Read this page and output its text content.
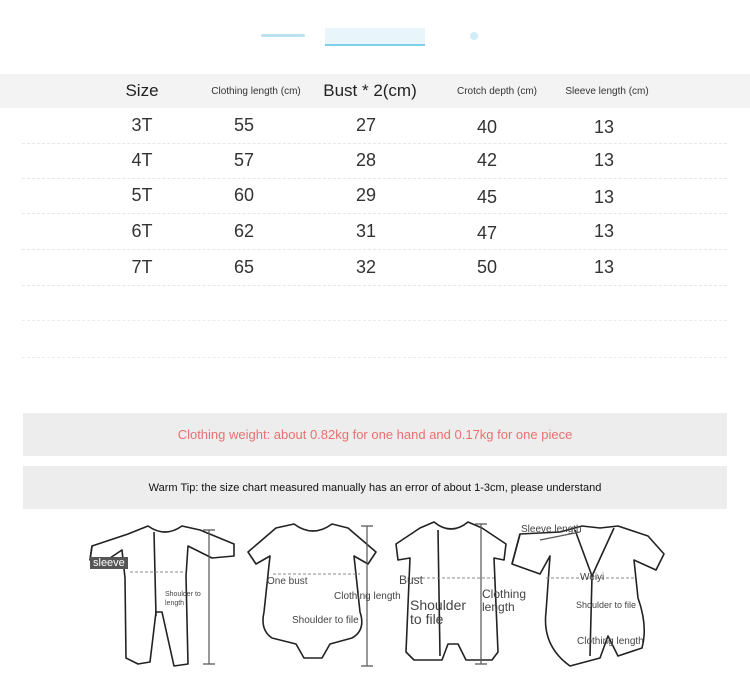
Size	Clothing length (cm)	Bust * 2(cm)	Crotch depth (cm)	Sleeve length (cm)
3T	55	27	40	13
4T	57	28	42	13
5T	60	29	45	13
6T	62	31	47	13
7T	65	32	50	13
Clothing weight: about 0.82kg for one hand and 0.17kg for one piece
Warm Tip: the size chart measured manually has an error of about 1-3cm, please understand
sleeve
Shoulder to length
One bust
Clothing length
Shoulder to file
Bust
Shoulder to file
Clothing length
Sleeve length
Weiyi
Shoulder to file
Clothing length
